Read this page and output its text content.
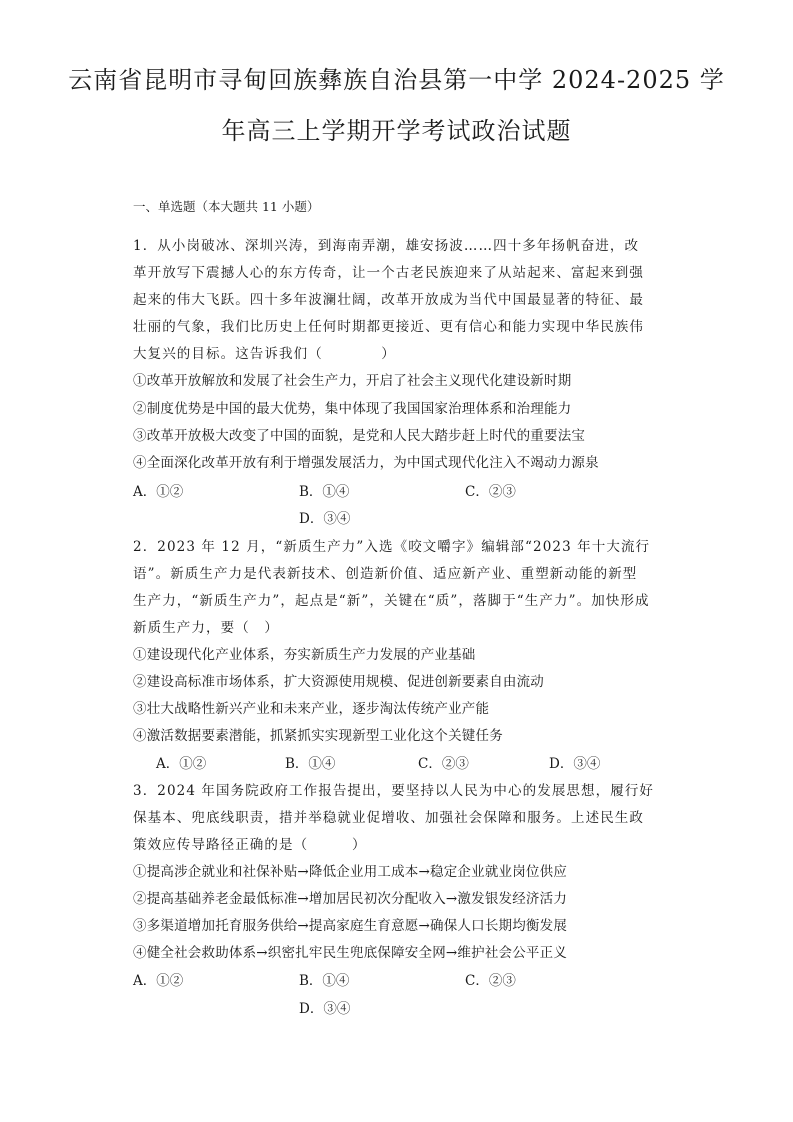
云南省昆明市寻甸回族彝族自治县第一中学 2024-2025 学
年高三上学期开学考试政治试题
一、单选题（本大题共 11 小题）
1．从小岗破冰、深圳兴涛，到海南弄潮，雄安扬波……四十多年扬帆奋进，改
革开放写下震撼人心的东方传奇，让一个古老民族迎来了从站起来、富起来到强
起来的伟大飞跃。四十多年波澜壮阔，改革开放成为当代中国最显著的特征、最
壮丽的气象，我们比历史上任何时期都更接近、更有信心和能力实现中华民族伟
大复兴的目标。这告诉我们（　　　　）
①改革开放解放和发展了社会生产力，开启了社会主义现代化建设新时期
②制度优势是中国的最大优势，集中体现了我国国家治理体系和治理能力
③改革开放极大改变了中国的面貌，是党和人民大踏步赶上时代的重要法宝
④全面深化改革开放有利于增强发展活力，为中国式现代化注入不竭动力源泉
A．①②	B．①④	C．②③
D．③④
2．2023 年 12 月，“新质生产力”入选《咬文嚼字》编辑部“2023 年十大流行
语”。新质生产力是代表新技术、创造新价值、适应新产业、重塑新动能的新型
生产力，“新质生产力”，起点是“新”，关键在“质”，落脚于“生产力”。加快形成
新质生产力，要（　）
①建设现代化产业体系，夯实新质生产力发展的产业基础
②建设高标准市场体系，扩大资源使用规模、促进创新要素自由流动
③壮大战略性新兴产业和未来产业，逐步淘汰传统产业产能
④激活数据要素潜能，抓紧抓实实现新型工业化这个关键任务
A．①②	B．①④	C．②③	D．③④
3．2024 年国务院政府工作报告提出，要坚持以人民为中心的发展思想，履行好
保基本、兜底线职责，措并举稳就业促增收、加强社会保障和服务。上述民生政
策效应传导路径正确的是（　　　）
①提高涉企就业和社保补贴→降低企业用工成本→稳定企业就业岗位供应
②提高基础养老金最低标准→增加居民初次分配收入→激发银发经济活力
③多渠道增加托育服务供给→提高家庭生育意愿→确保人口长期均衡发展
④健全社会救助体系→织密扎牢民生兜底保障安全网→维护社会公平正义
A．①②	B．①④	C．②③
D．③④
